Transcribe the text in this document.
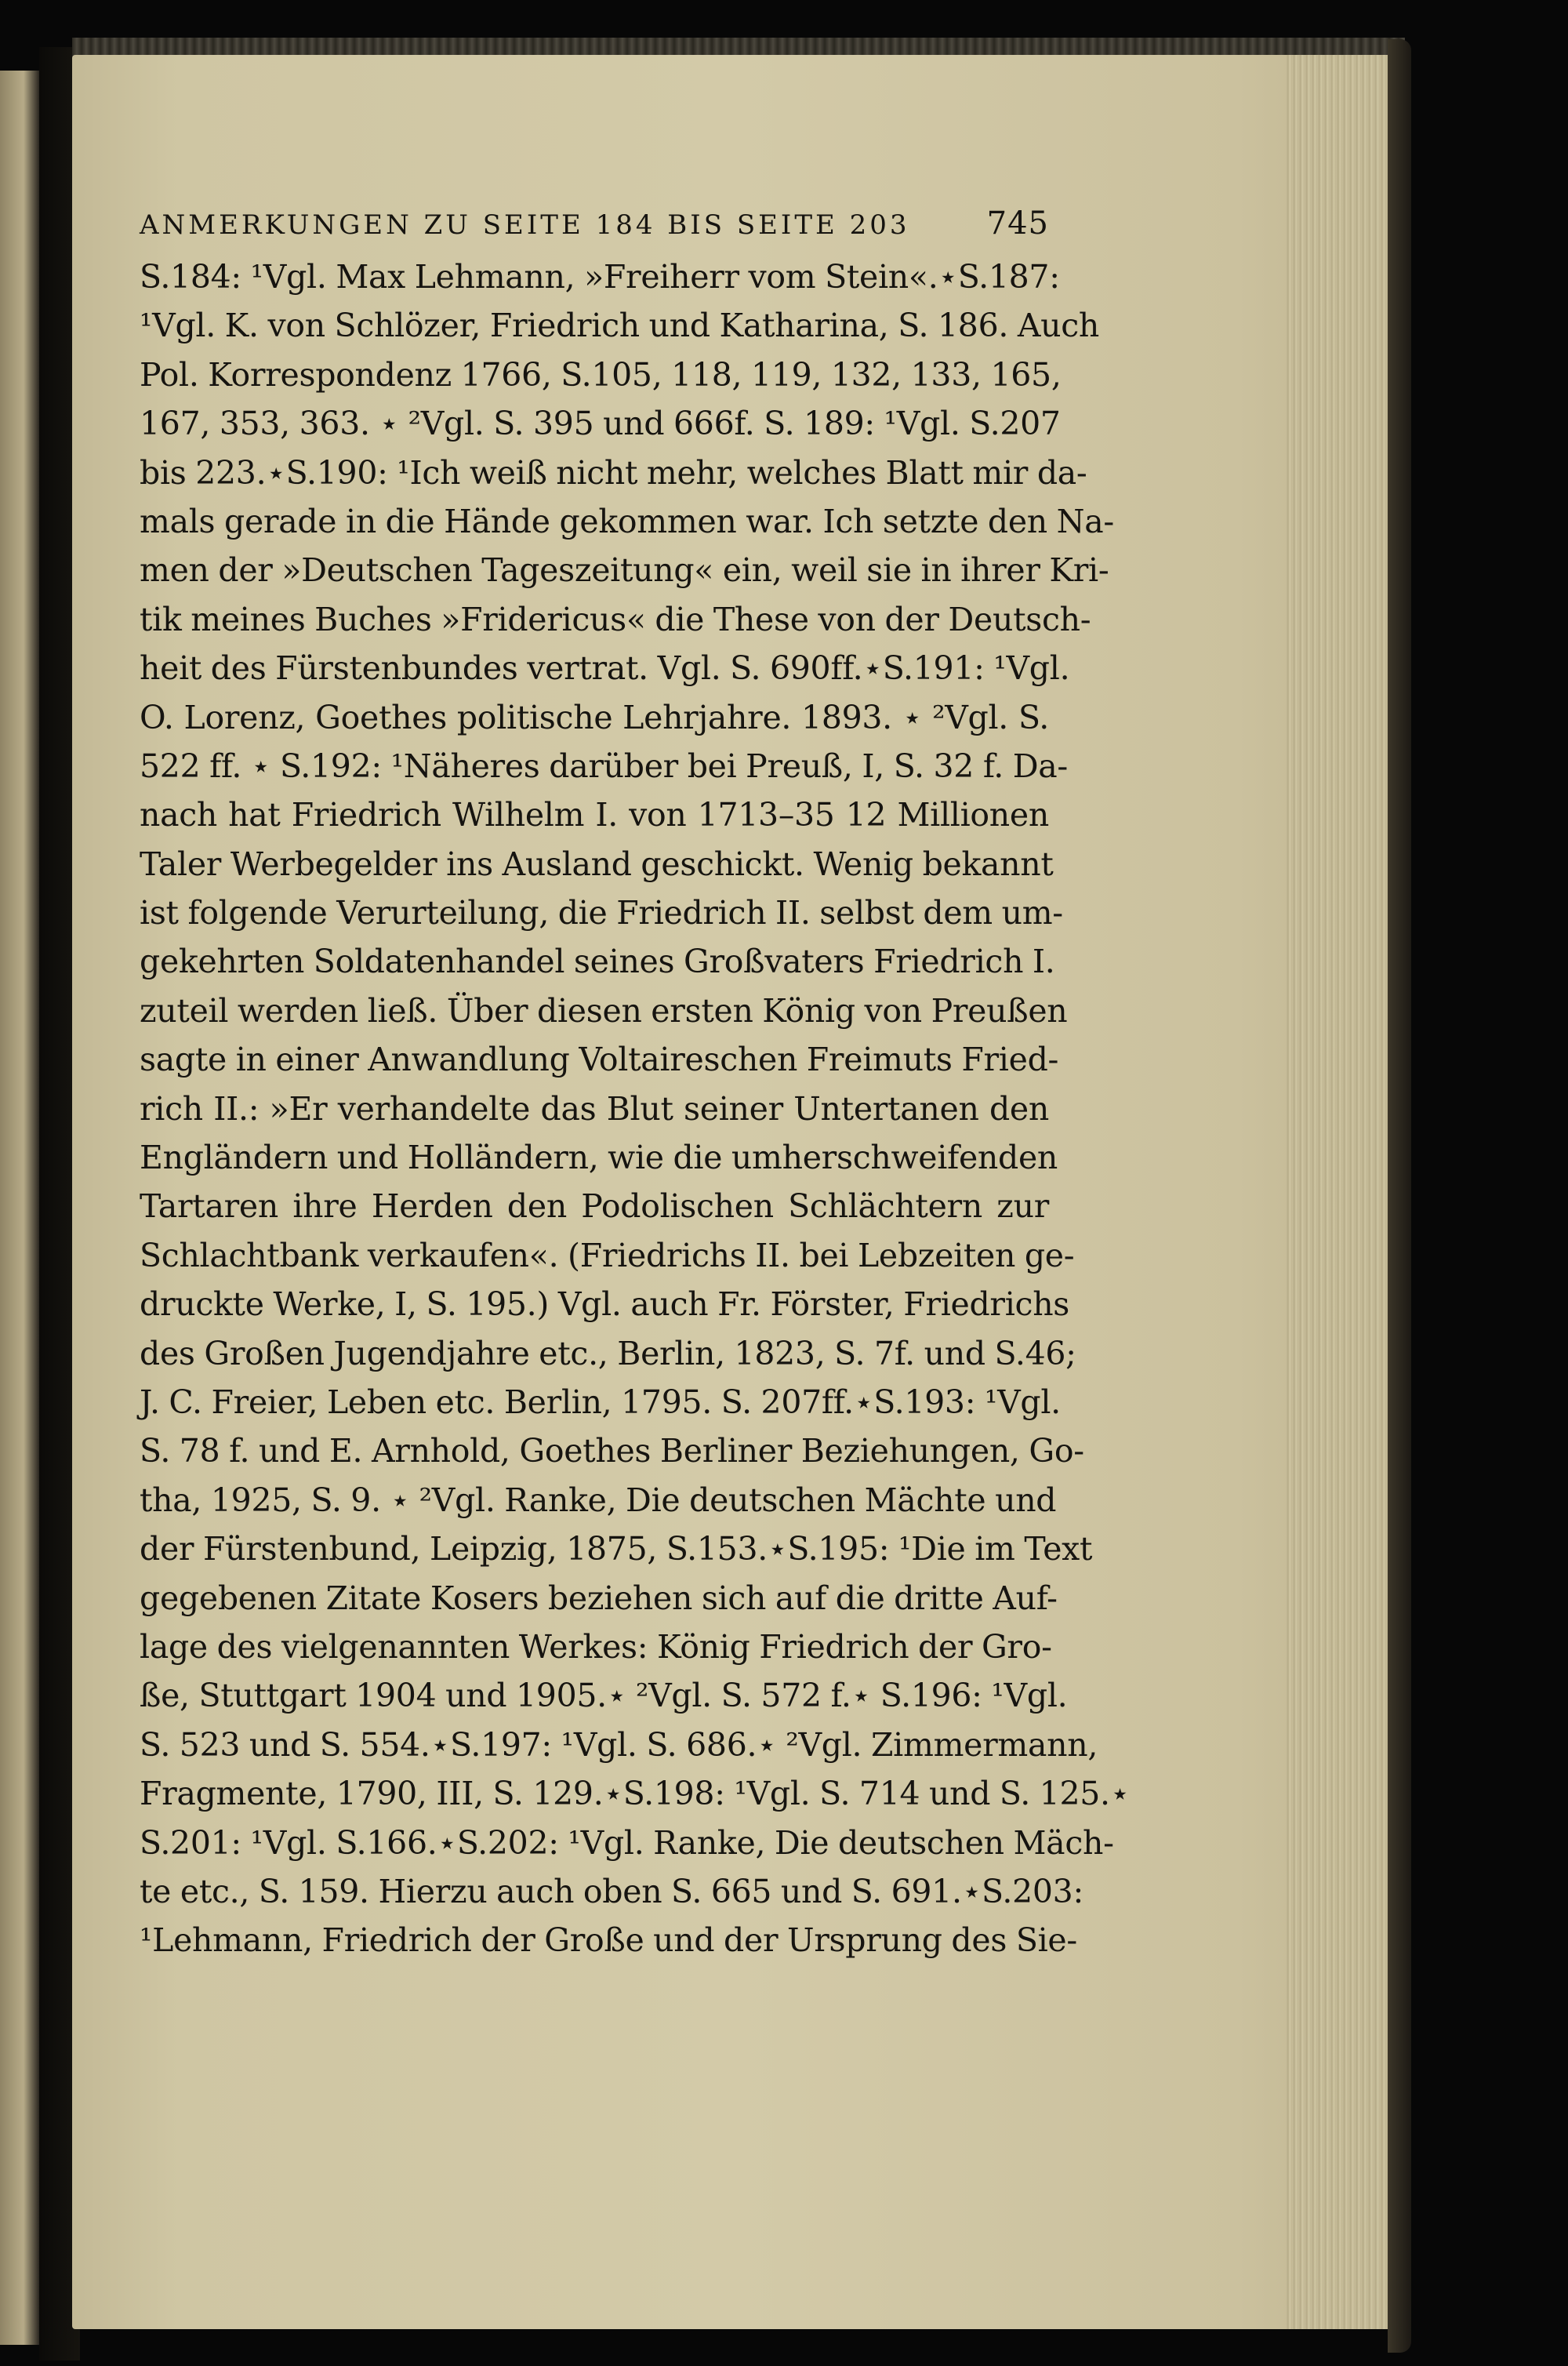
ANMERKUNGEN ZU SEITE 184 BIS SEITE 203 745
S.184: ¹Vgl. Max Lehmann, »Freiherr vom Stein«.⋆S.187:
¹Vgl. K. von Schlözer, Friedrich und Katharina, S. 186. Auch
Pol. Korrespondenz 1766, S.105, 118, 119, 132, 133, 165,
167, 353, 363. ⋆ ²Vgl. S. 395 und 666f. S. 189: ¹Vgl. S.207
bis 223.⋆S.190: ¹Ich weiß nicht mehr, welches Blatt mir da-
mals gerade in die Hände gekommen war. Ich setzte den Na-
men der »Deutschen Tageszeitung« ein, weil sie in ihrer Kri-
tik meines Buches »Fridericus« die These von der Deutsch-
heit des Fürstenbundes vertrat. Vgl. S. 690ff.⋆S.191: ¹Vgl.
O. Lorenz, Goethes politische Lehrjahre. 1893. ⋆ ²Vgl. S.
522 ff. ⋆ S.192: ¹Näheres darüber bei Preuß, I, S. 32 f. Da-
nach hat Friedrich Wilhelm I. von 1713–35 12 Millionen
Taler Werbegelder ins Ausland geschickt. Wenig bekannt
ist folgende Verurteilung, die Friedrich II. selbst dem um-
gekehrten Soldatenhandel seines Großvaters Friedrich I.
zuteil werden ließ. Über diesen ersten König von Preußen
sagte in einer Anwandlung Voltaireschen Freimuts Fried-
rich II.: »Er verhandelte das Blut seiner Untertanen den
Engländern und Holländern, wie die umherschweifenden
Tartaren ihre Herden den Podolischen Schlächtern zur
Schlachtbank verkaufen«. (Friedrichs II. bei Lebzeiten ge-
druckte Werke, I, S. 195.) Vgl. auch Fr. Förster, Friedrichs
des Großen Jugendjahre etc., Berlin, 1823, S. 7f. und S.46;
J. C. Freier, Leben etc. Berlin, 1795. S. 207ff.⋆S.193: ¹Vgl.
S. 78 f. und E. Arnhold, Goethes Berliner Beziehungen, Go-
tha, 1925, S. 9. ⋆ ²Vgl. Ranke, Die deutschen Mächte und
der Fürstenbund, Leipzig, 1875, S.153.⋆S.195: ¹Die im Text
gegebenen Zitate Kosers beziehen sich auf die dritte Auf-
lage des vielgenannten Werkes: König Friedrich der Gro-
ße, Stuttgart 1904 und 1905.⋆ ²Vgl. S. 572 f.⋆ S.196: ¹Vgl.
S. 523 und S. 554.⋆S.197: ¹Vgl. S. 686.⋆ ²Vgl. Zimmermann,
Fragmente, 1790, III, S. 129.⋆S.198: ¹Vgl. S. 714 und S. 125.⋆
S.201: ¹Vgl. S.166.⋆S.202: ¹Vgl. Ranke, Die deutschen Mäch-
te etc., S. 159. Hierzu auch oben S. 665 und S. 691.⋆S.203:
¹Lehmann, Friedrich der Große und der Ursprung des Sie-
